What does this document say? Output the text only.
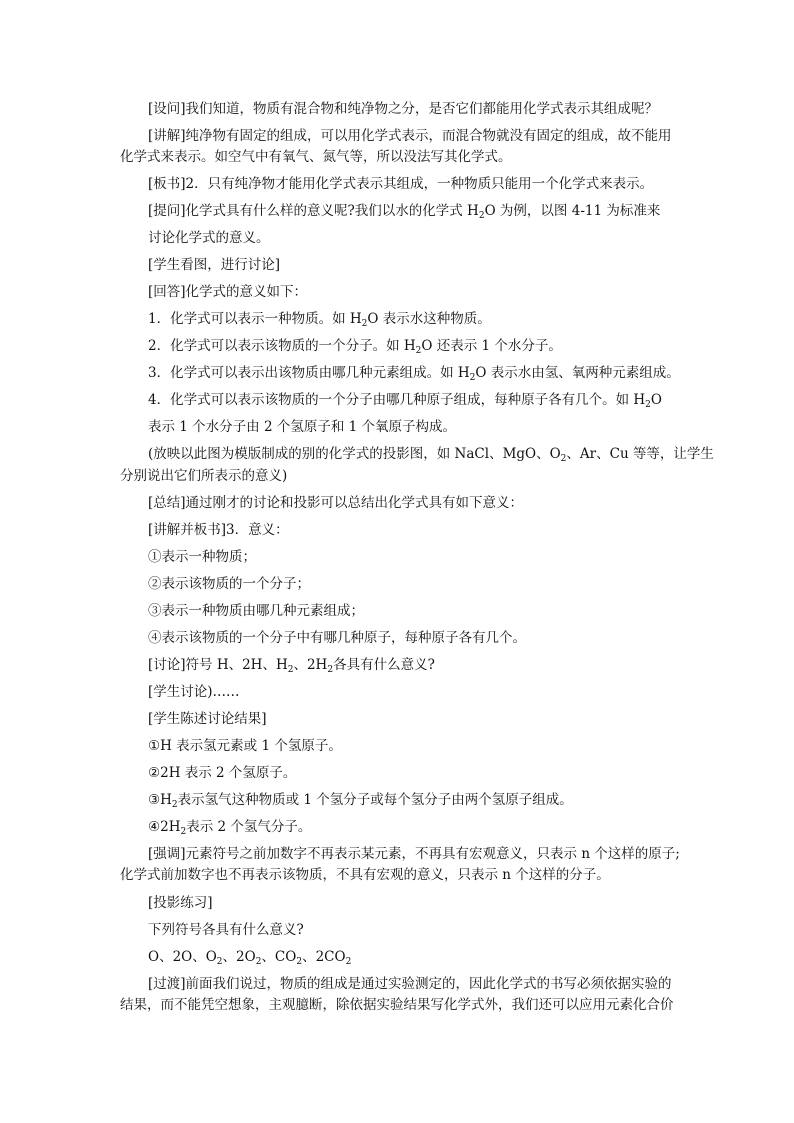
[设问]我们知道，物质有混合物和纯净物之分，是否它们都能用化学式表示其组成呢？
[讲解]纯净物有固定的组成，可以用化学式表示，而混合物就没有固定的组成，故不能用
化学式来表示。如空气中有氧气、氮气等，所以没法写其化学式。
[板书]2．只有纯净物才能用化学式表示其组成，一种物质只能用一个化学式来表示。
[提问]化学式具有什么样的意义呢?我们以水的化学式 $H_2O$ 为例，以图 4-11 为标准来
讨论化学式的意义。
[学生看图，进行讨论]
[回答]化学式的意义如下：
1．化学式可以表示一种物质。如 $H_2O$ 表示水这种物质。
2．化学式可以表示该物质的一个分子。如 $H_2O$ 还表示 1 个水分子。
3．化学式可以表示出该物质由哪几种元素组成。如 $H_2O$ 表示水由氢、氧两种元素组成。
4．化学式可以表示该物质的一个分子由哪几种原子组成，每种原子各有几个。如 $H_2O$
表示 1 个水分子由 2 个氢原子和 1 个氧原子构成。
(放映以此图为模版制成的别的化学式的投影图，如 NaCl、MgO、$O_2$、Ar、Cu 等等，让学生
分别说出它们所表示的意义)
[总结]通过刚才的讨论和投影可以总结出化学式具有如下意义：
[讲解并板书]3．意义：
①表示一种物质；
②表示该物质的一个分子；
③表示一种物质由哪几种元素组成；
④表示该物质的一个分子中有哪几种原子，每种原子各有几个。
[讨论]符号 H、2H、$H_2$、$2H_2$各具有什么意义?
[学生讨论)……
[学生陈述讨论结果]
①H 表示氢元素或 1 个氢原子。
②2H 表示 2 个氢原子。
$③H_2$表示氢气这种物质或 1 个氢分子或每个氢分子由两个氢原子组成。
$④2H_2$表示 2 个氢气分子。
[强调]元素符号之前加数字不再表示某元素，不再具有宏观意义，只表示 n 个这样的原子;
化学式前加数字也不再表示该物质，不具有宏观的意义，只表示 n 个这样的分子。
[投影练习]
下列符号各具有什么意义?
O、2O、$O_2$、$2O_2$、$CO_2$、$2CO_2$
[过渡]前面我们说过，物质的组成是通过实验测定的，因此化学式的书写必须依据实验的
结果，而不能凭空想象，主观臆断，除依据实验结果写化学式外，我们还可以应用元素化合价
